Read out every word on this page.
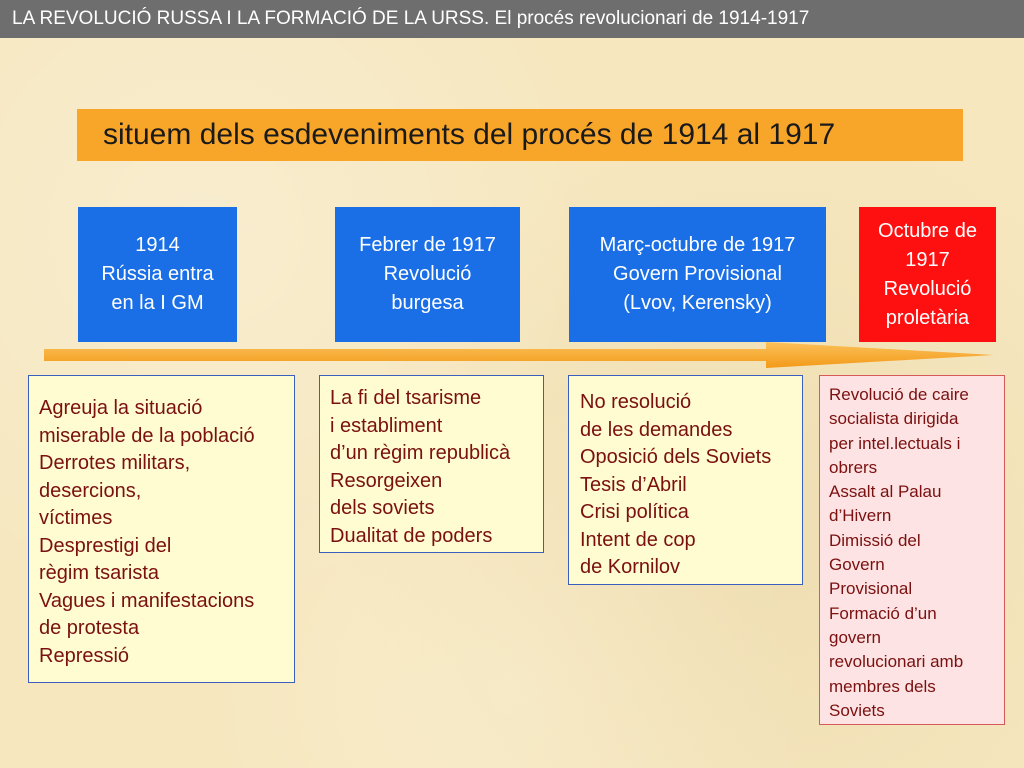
LA REVOLUCIÓ RUSSA I LA FORMACIÓ DE LA URSS. El procés revolucionari de 1914-1917
situem dels esdeveniments del procés de 1914 al 1917
1914
Rússia entra
en la I GM
Febrer de 1917
Revolució
burgesa
Març-octubre de 1917
Govern Provisional
(Lvov, Kerensky)
Octubre de
1917
Revolució
proletària
Agreuja la situació
miserable de la població
Derrotes militars,
desercions,
víctimes
Desprestigi del
règim tsarista
Vagues i manifestacions
de protesta
Repressió
La fi del tsarisme
i establiment
d’un règim republicà
Resorgeixen
dels soviets
Dualitat de poders
No resolució
de les demandes
Oposició dels Soviets
Tesis d’Abril
Crisi política
Intent de cop
de Kornilov
Revolució de caire
socialista dirigida
per intel.lectuals i
obrers
Assalt al Palau
d’Hivern
Dimissió del
Govern
Provisional
Formació d’un
govern
revolucionari amb
membres dels
Soviets
